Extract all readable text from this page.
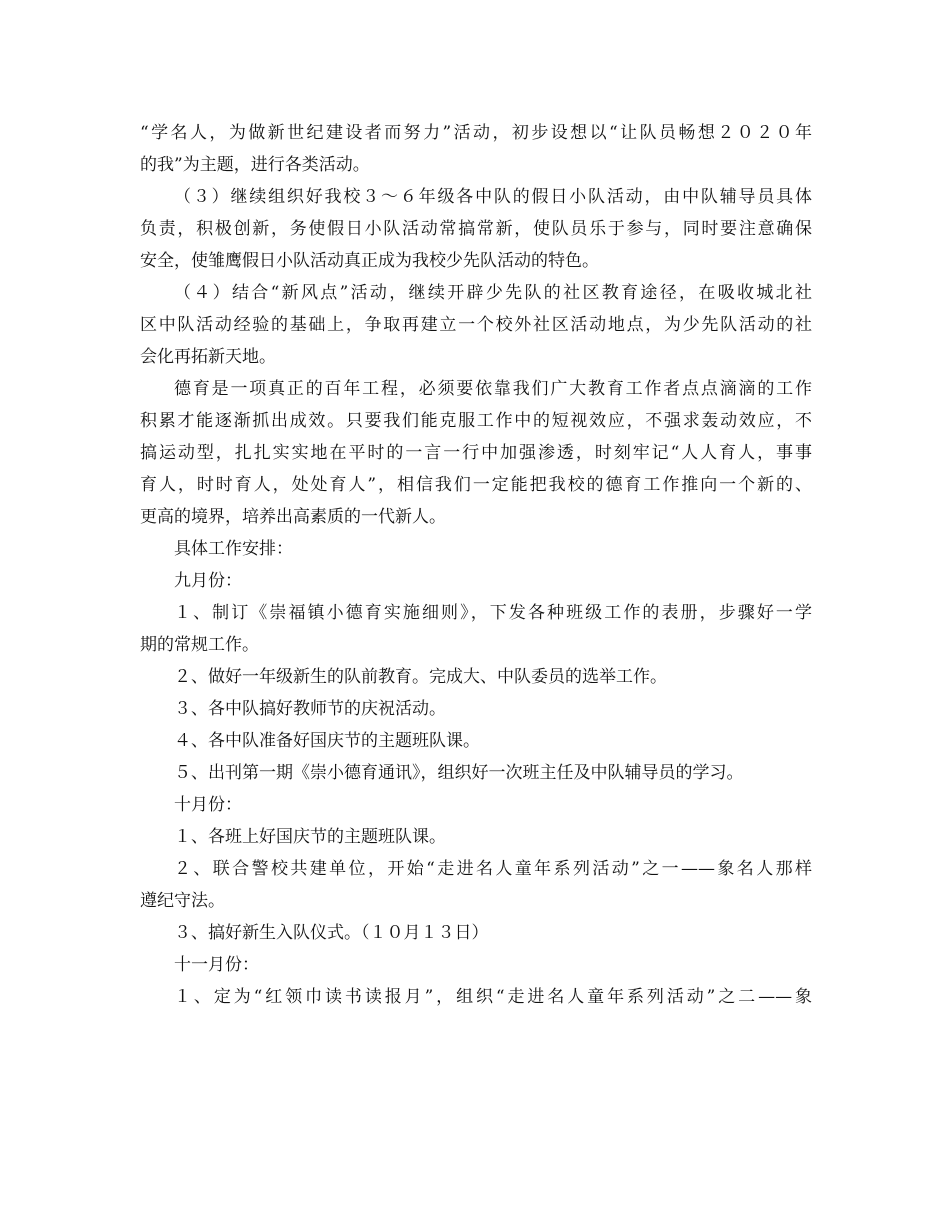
“学名人，为做新世纪建设者而努力”活动，初步设想以“让队员畅想２０２０年
的我”为主题，进行各类活动。
（３）继续组织好我校３～６年级各中队的假日小队活动，由中队辅导员具体
负责，积极创新，务使假日小队活动常搞常新，使队员乐于参与，同时要注意确保
安全，使雏鹰假日小队活动真正成为我校少先队活动的特色。
（４）结合“新风点”活动，继续开辟少先队的社区教育途径，在吸收城北社
区中队活动经验的基础上，争取再建立一个校外社区活动地点，为少先队活动的社
会化再拓新天地。
德育是一项真正的百年工程，必须要依靠我们广大教育工作者点点滴滴的工作
积累才能逐渐抓出成效。只要我们能克服工作中的短视效应，不强求轰动效应，不
搞运动型，扎扎实实地在平时的一言一行中加强渗透，时刻牢记“人人育人，事事
育人，时时育人，处处育人”，相信我们一定能把我校的德育工作推向一个新的、
更高的境界，培养出高素质的一代新人。
具体工作安排：
九月份：
１、制订《崇福镇小德育实施细则》，下发各种班级工作的表册，步骤好一学
期的常规工作。
２、做好一年级新生的队前教育。完成大、中队委员的选举工作。
３、各中队搞好教师节的庆祝活动。
４、各中队准备好国庆节的主题班队课。
５、出刊第一期《崇小德育通讯》，组织好一次班主任及中队辅导员的学习。
十月份：
１、各班上好国庆节的主题班队课。
２、联合警校共建单位，开始“走进名人童年系列活动”之一——象名人那样
遵纪守法。
３、搞好新生入队仪式。（１０月１３日）
十一月份：
１、定为“红领巾读书读报月”，组织“走进名人童年系列活动”之二——象
